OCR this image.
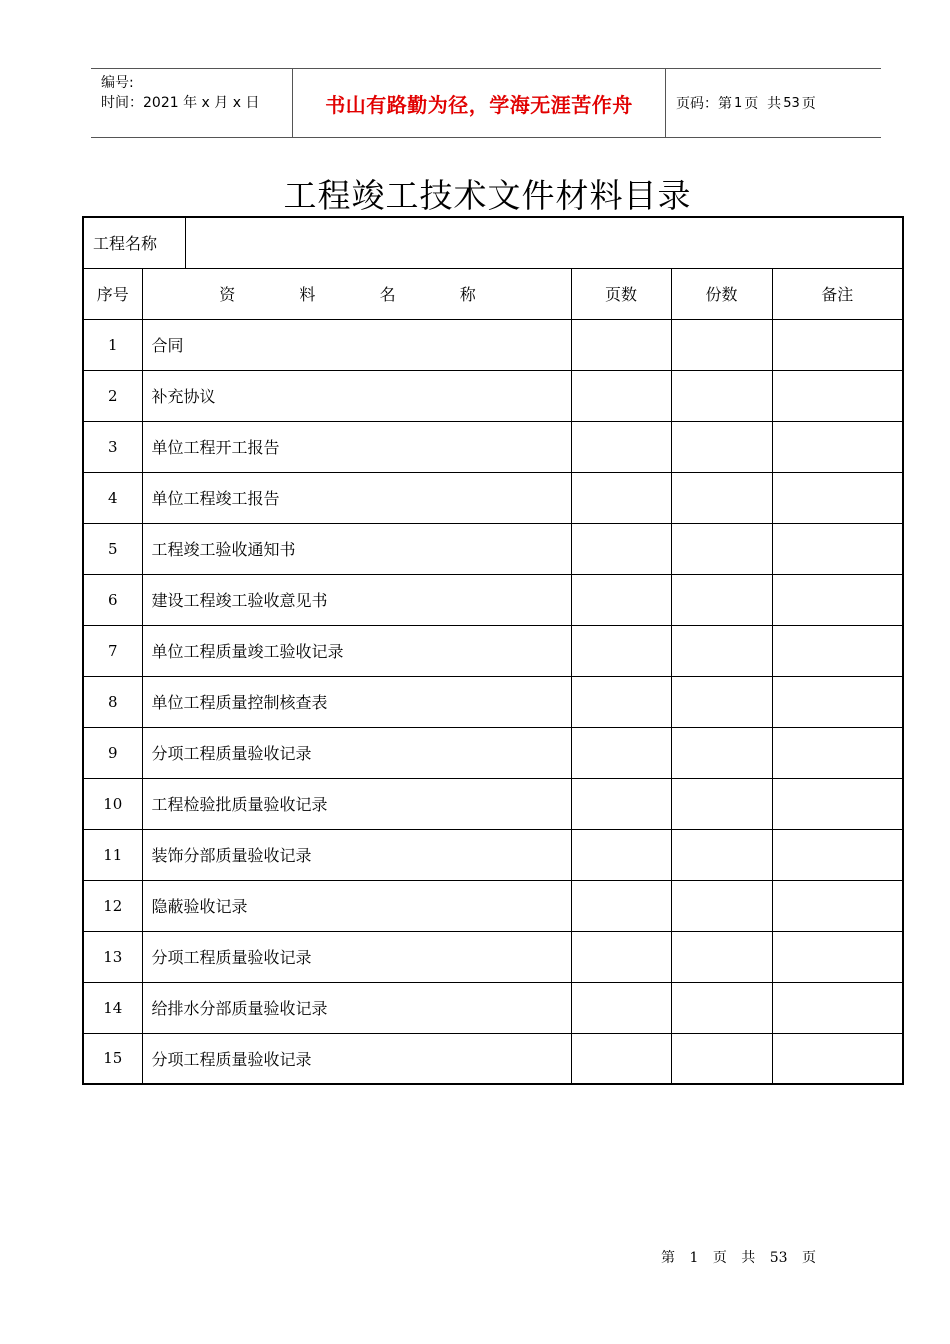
编号:
时间：2021 年 x 月 x 日	书山有路勤为径，学海无涯苦作舟	页码：第 1 页  共 53 页
工程竣工技术文件材料目录
工程名称					
序号	资  料  名  称		页数	份数	备注
1	合同				
2	补充协议				
3	单位工程开工报告				
4	单位工程竣工报告				
5	工程竣工验收通知书				
6	建设工程竣工验收意见书				
7	单位工程质量竣工验收记录				
8	单位工程质量控制核查表				
9	分项工程质量验收记录				
10	工程检验批质量验收记录				
11	装饰分部质量验收记录				
12	隐蔽验收记录				
13	分项工程质量验收记录				
14	给排水分部质量验收记录				
15	分项工程质量验收记录				
第 1 页 共 53 页
